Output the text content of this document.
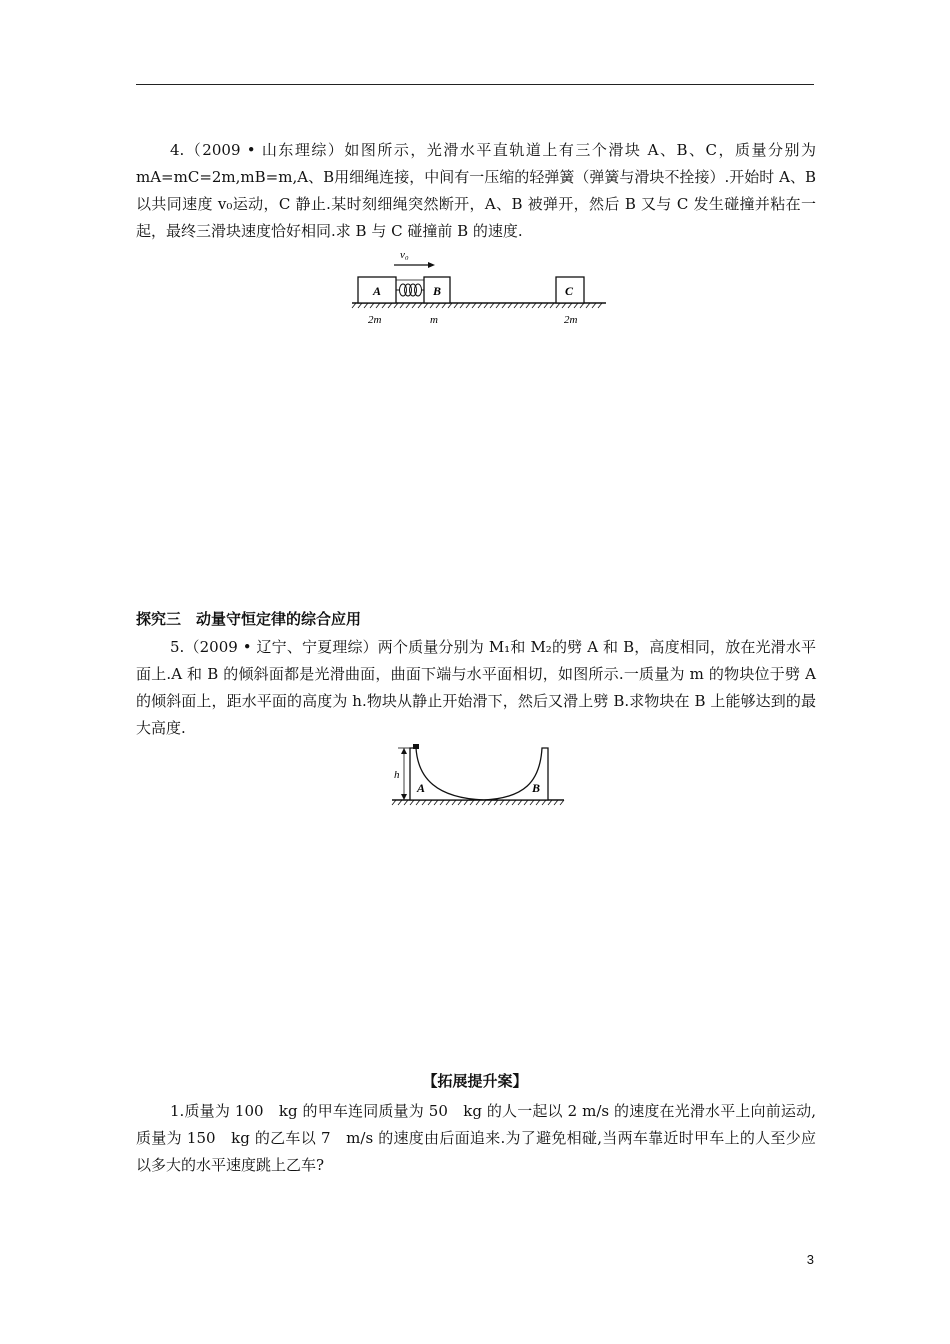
4.（2009 • 山东理综）如图所示，光滑水平直轨道上有三个滑块 A、B、C，质量分别为 mA=mC=2m,mB=m,A、B用细绳连接，中间有一压缩的轻弹簧（弹簧与滑块不拴接）.开始时 A、B 以共同速度 v₀运动，C 静止.某时刻细绳突然断开，A、B 被弹开，然后 B 又与 C 发生碰撞并粘在一起，最终三滑块速度恰好相同.求 B 与 C 碰撞前 B 的速度.

v₀
A	B	C
2m	m	2m

探究三　动量守恒定律的综合应用

5.（2009 • 辽宁、宁夏理综）两个质量分别为 M₁和 M₂的劈 A 和 B，高度相同，放在光滑水平面上.A 和 B 的倾斜面都是光滑曲面，曲面下端与水平面相切，如图所示.一质量为 m 的物块位于劈 A 的倾斜面上，距水平面的高度为 h.物块从静止开始滑下，然后又滑上劈 B.求物块在 B 上能够达到的最大高度.

h
A	B

【拓展提升案】

1.质量为 100　kg 的甲车连同质量为 50　kg 的人一起以 2 m/s 的速度在光滑水平上向前运动,质量为 150　kg 的乙车以 7　m/s 的速度由后面追来.为了避免相碰,当两车靠近时甲车上的人至少应以多大的水平速度跳上乙车?

3
